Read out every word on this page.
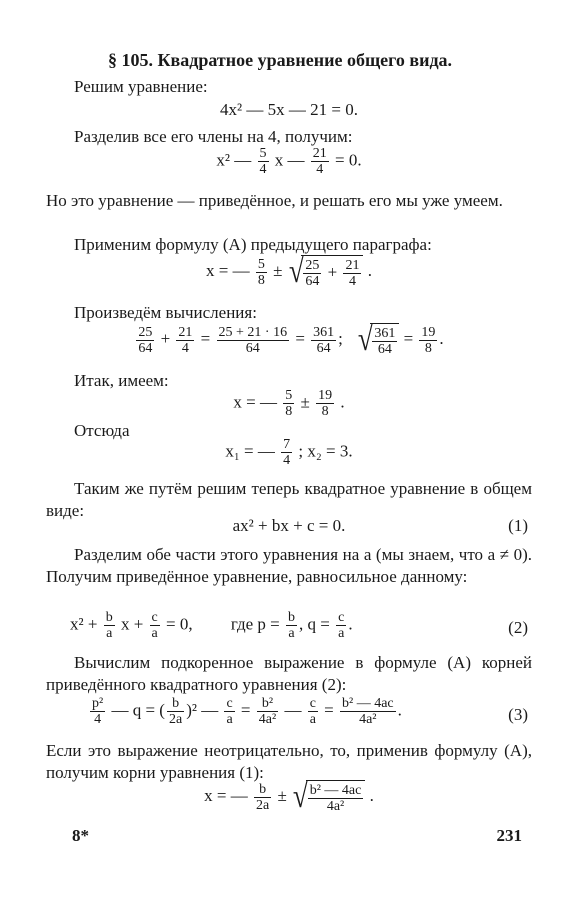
§ 105. Квадратное уравнение общего вида.
Решим уравнение:
4x² — 5x — 21 = 0.
Разделив все его члены на 4, получим:
x² — $\frac{5}{4}$ x — $\frac{21}{4} = 0$.
Но это уравнение — приведённое, и решать его мы уже умеем.
Применим формулу (А) предыдущего параграфа:
x = — $\frac{5}{8}$ ± √ $\frac{25}{64} + \frac{21}{4}$ .
Произведём вычисления:
$\frac{25}{64} + \frac{21}{4} = \frac{25 + 21 \cdot 16}{64} = \frac{361}{64}$ ; √ $\frac{361}{64} = \frac{19}{8}$ .
Итак, имеем:
x = — $\frac{5}{8} \pm \frac{19}{8}$ .
Отсюда
x₁ = — $\frac{7}{4}$ ; x₂ = 3.
Таким же путём решим теперь квадратное уравнение в общем виде:
ax² + bx + c = 0.	(1)
Разделим обе части этого уравнения на a (мы знаем, что a ≠ 0). Получим приведённое уравнение, равносильное данному:
$x^2 + \frac{b}{a}$ $x + \frac{c}{a} = 0$, где $p = \frac{b}{a}$ , $q = \frac{c}{a}$ .	(2)
Вычислим подкоренное выражение в формуле (А) корней приведённого квадратного уравнения (2):
$\frac{\text{p²}}{4}$ — q = ( $\frac{b}{2a} )^2$ — $\frac{c}{a} = \frac{\text{b²}}{\text{4a²}}$ — $\frac{c}{a} = \frac{\text{b² — 4ac}}{\text{4a²}}$ .	(3)
Если это выражение неотрицательно, то, применив формулу (А), получим корни уравнения (1):
x = — $\frac{b}{2a}$ ± √ $\frac{\text{b² — 4ac}}{\text{4a²}}$ .
8*	231
